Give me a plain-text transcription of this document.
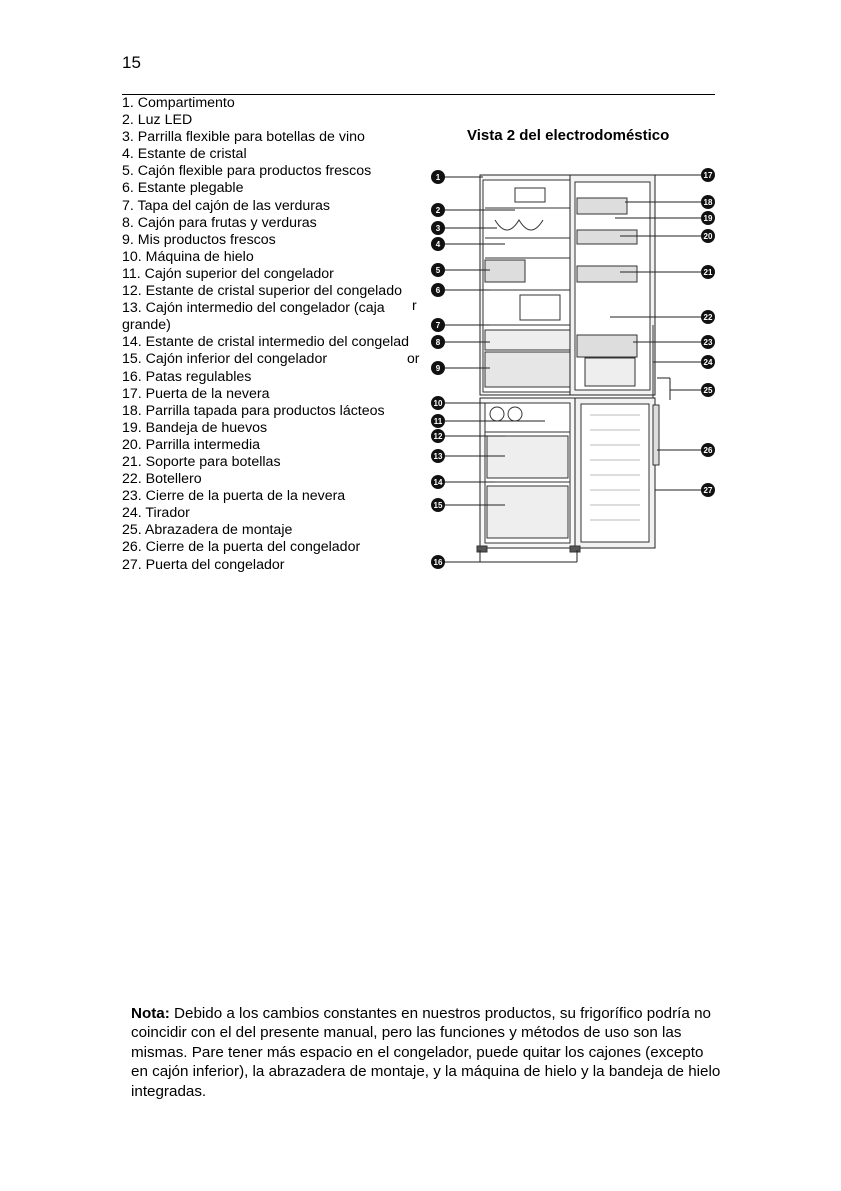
15
1. Compartimento
2. Luz LED
3. Parrilla flexible para botellas de vino
4. Estante de cristal
5. Cajón flexible para productos frescos
6. Estante plegable
7. Tapa del cajón de las verduras
8. Cajón para frutas y verduras
9. Mis productos frescos
10. Máquina de hielo
11. Cajón superior del congelador
12. Estante de cristal superior del congelado
13. Cajón intermedio del congelador (caja grande)
14. Estante de cristal intermedio del congelad
15. Cajón inferior del congelador
16. Patas regulables
17. Puerta de la nevera
18. Parrilla tapada para productos lácteos
19. Bandeja de huevos
20. Parrilla intermedia
21. Soporte para botellas
22. Botellero
23. Cierre de la puerta de la nevera
24. Tirador
25. Abrazadera de montaje
26. Cierre de la puerta del congelador
27. Puerta del congelador
r
or
Vista 2 del electrodoméstico
1
2
3
4
5
6
7
8
9
10
11
12
13
14
15
16
17
18
19
20
21
22
23
24
25
26
27
Nota: Debido a los cambios constantes en nuestros productos, su frigorífico podría no coincidir con el del presente manual, pero las funciones y métodos de uso son las mismas. Pare tener más espacio en el congelador, puede quitar los cajones (excepto en cajón inferior), la abrazadera de montaje, y la máquina de hielo y la bandeja de hielo integradas.
